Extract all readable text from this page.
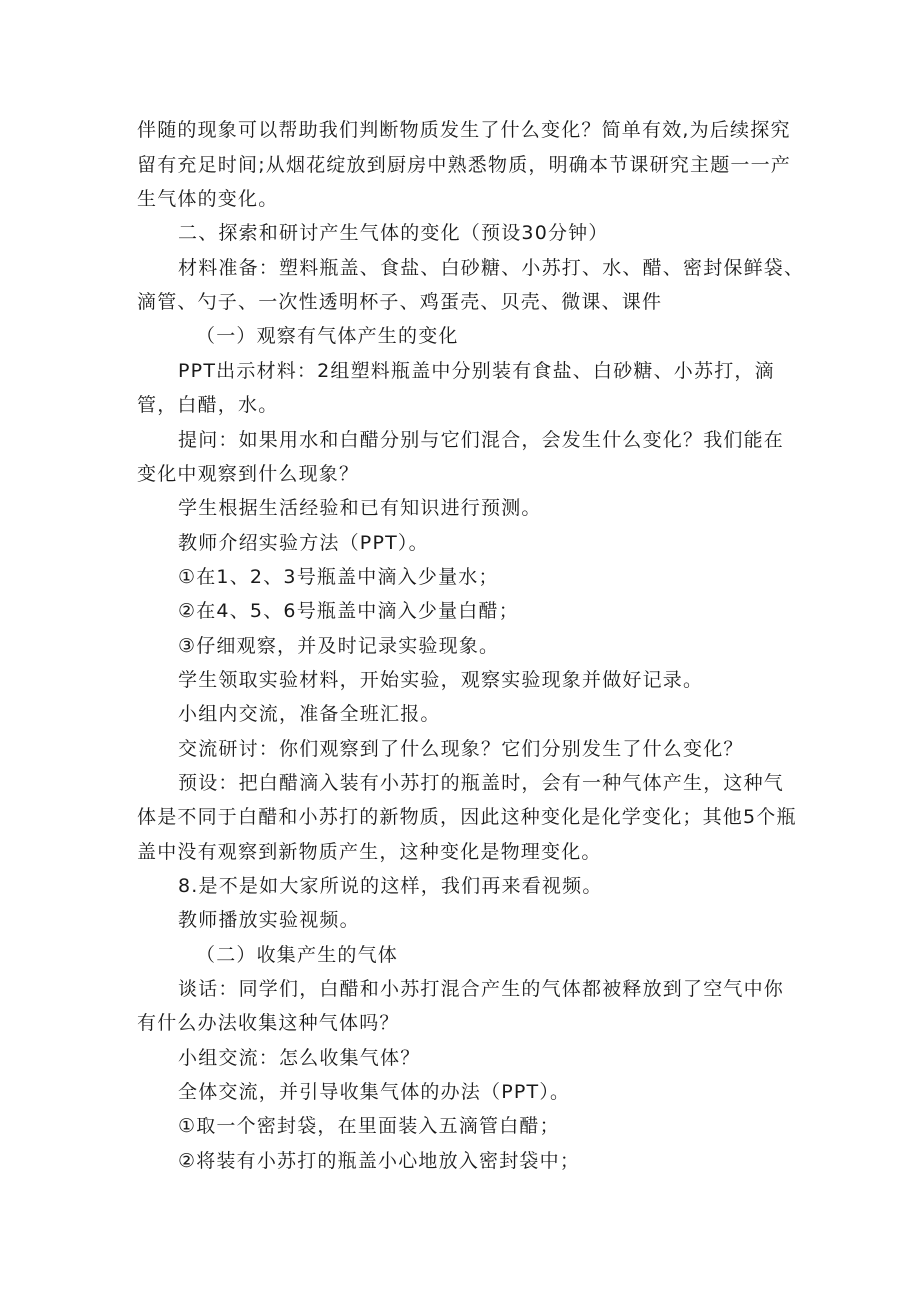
伴随的现象可以帮助我们判断物质发生了什么变化？简单有效,为后续探究
留有充足时间;从烟花绽放到厨房中熟悉物质，明确本节课研究主题一一产
生气体的变化。
二、探索和研讨产生气体的变化（预设30分钟）
材料准备：塑料瓶盖、食盐、白砂糖、小苏打、水、醋、密封保鲜袋、
滴管、勺子、一次性透明杯子、鸡蛋壳、贝壳、微课、课件
（一）观察有气体产生的变化
PPT出示材料：2组塑料瓶盖中分别装有食盐、白砂糖、小苏打，滴
管，白醋，水。
提问：如果用水和白醋分别与它们混合，会发生什么变化？我们能在
变化中观察到什么现象？
学生根据生活经验和已有知识进行预测。
教师介绍实验方法（PPT）。
①在1、2、3号瓶盖中滴入少量水；
②在4、5、6号瓶盖中滴入少量白醋；
③仔细观察，并及时记录实验现象。
学生领取实验材料，开始实验，观察实验现象并做好记录。
小组内交流，准备全班汇报。
交流研讨：你们观察到了什么现象？它们分别发生了什么变化？
预设：把白醋滴入装有小苏打的瓶盖时，会有一种气体产生，这种气
体是不同于白醋和小苏打的新物质，因此这种变化是化学变化；其他5个瓶
盖中没有观察到新物质产生，这种变化是物理变化。
8.是不是如大家所说的这样，我们再来看视频。
教师播放实验视频。
（二）收集产生的气体
谈话：同学们，白醋和小苏打混合产生的气体都被释放到了空气中你
有什么办法收集这种气体吗？
小组交流：怎么收集气体？
全体交流，并引导收集气体的办法（PPT）。
①取一个密封袋，在里面装入五滴管白醋；
②将装有小苏打的瓶盖小心地放入密封袋中；
